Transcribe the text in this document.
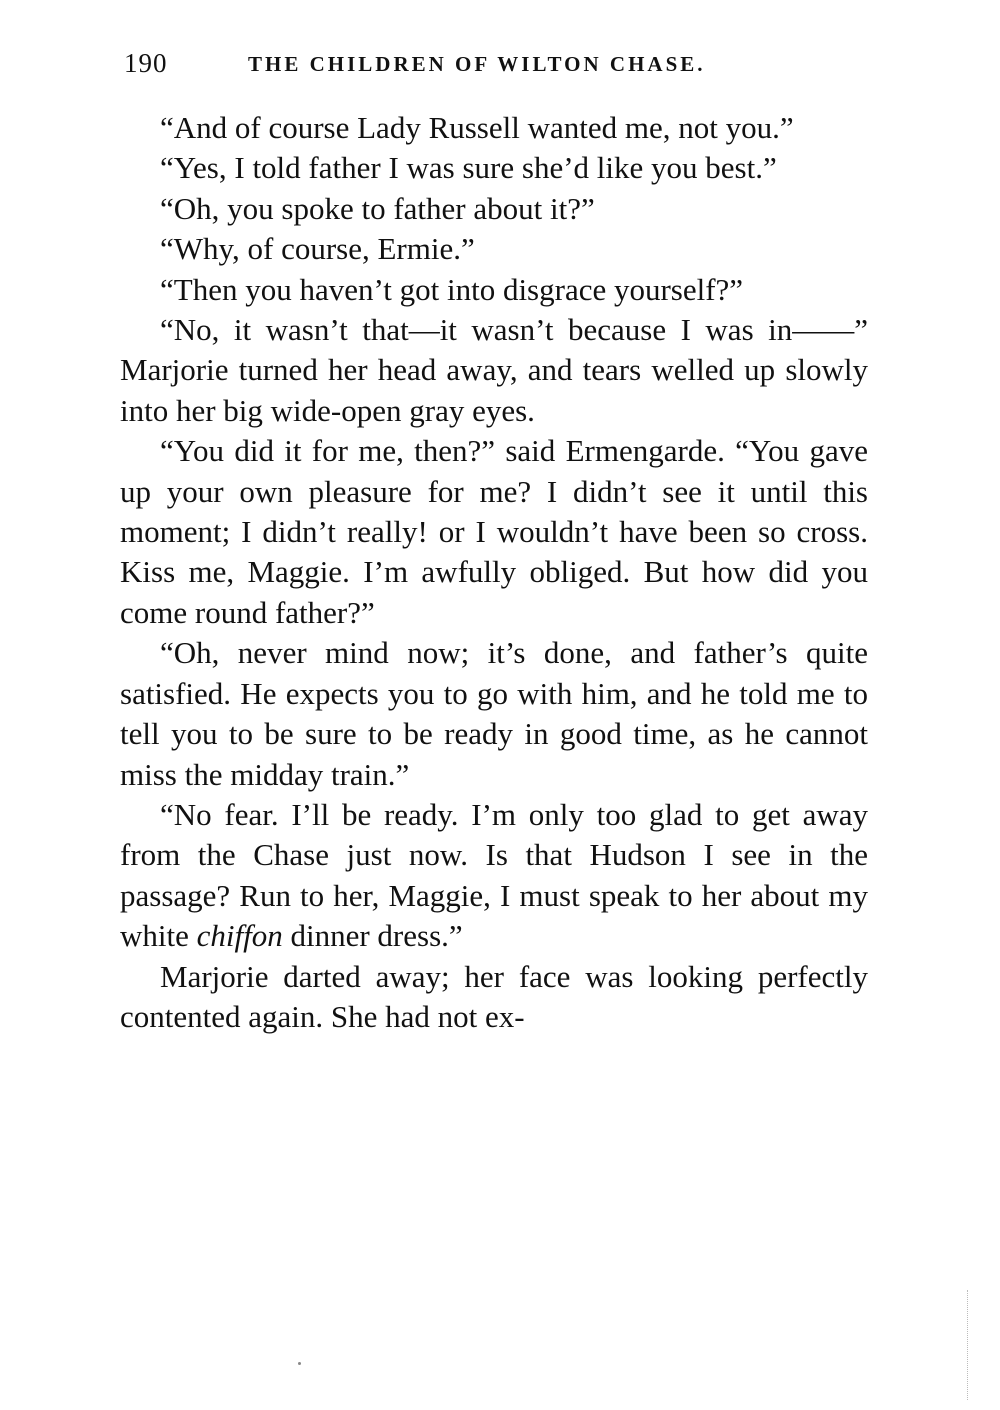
190	THE CHILDREN OF WILTON CHASE.

“And of course Lady Russell wanted me, not you.”

“Yes, I told father I was sure she’d like you best.”

“Oh, you spoke to father about it?”

“Why, of course, Ermie.”

“Then you haven’t got into disgrace yourself?”

“No, it wasn’t that—it wasn’t because I was in——” Marjorie turned her head away, and tears welled up slowly into her big wide-open gray eyes.

“You did it for me, then?” said Ermengarde. “You gave up your own pleasure for me? I didn’t see it until this moment; I didn’t really! or I wouldn’t have been so cross. Kiss me, Maggie. I’m awfully obliged. But how did you come round father?”

“Oh, never mind now; it’s done, and father’s quite satisfied. He expects you to go with him, and he told me to tell you to be sure to be ready in good time, as he cannot miss the midday train.”

“No fear. I’ll be ready. I’m only too glad to get away from the Chase just now. Is that Hudson I see in the passage? Run to her, Maggie, I must speak to her about my white chiffon dinner dress.”

Marjorie darted away; her face was looking perfectly contented again. She had not ex-
